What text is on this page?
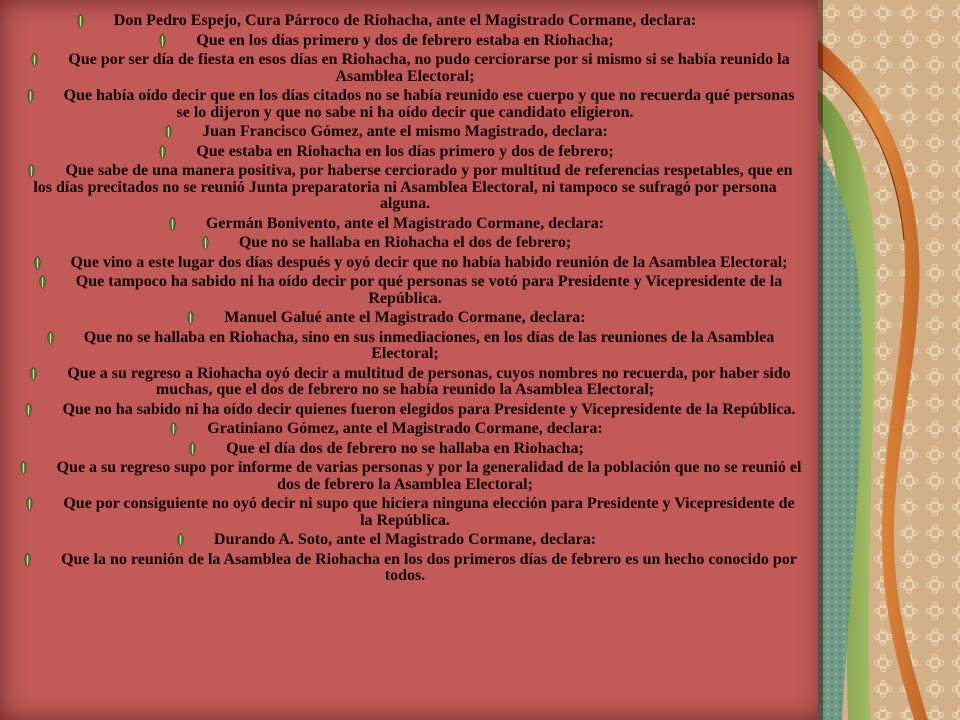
Don Pedro Espejo, Cura Párroco de Riohacha, ante el Magistrado Cormane, declara:
Que en los días primero y dos de febrero estaba en Riohacha;
Que por ser día de fiesta en esos días en Riohacha, no pudo cerciorarse por si mismo si se había reunido la Asamblea Electoral;
Que había oído decir que en los días citados no se había reunido ese cuerpo y que no recuerda qué personas se lo dijeron y que no sabe ni ha oído decir que candidato eligieron.
Juan Francisco Gómez, ante el mismo Magistrado, declara:
Que estaba en Riohacha en los días primero y dos de febrero;
Que sabe de una manera positiva, por haberse cerciorado y por multitud de referencias respetables, que en los días precitados no se reunió Junta preparatoria ni Asamblea Electoral, ni tampoco se sufragó por persona alguna.
Germán Bonivento, ante el Magistrado Cormane, declara:
Que no se hallaba en Riohacha el dos de febrero;
Que vino a este lugar dos días después y oyó decir que no había habido reunión de la Asamblea Electoral;
Que tampoco ha sabido ni ha oído decir por qué personas se votó para Presidente y Vicepresidente de la República.
Manuel Galué ante el Magistrado Cormane, declara:
Que no se hallaba en Riohacha, sino en sus inmediaciones, en los días de las reuniones de la Asamblea Electoral;
Que a su regreso a Riohacha oyó decir a multitud de personas, cuyos nombres no recuerda, por haber sido muchas, que el dos de febrero no se había reunido la Asamblea Electoral;
Que no ha sabido ni ha oído decir quienes fueron elegidos para Presidente y Vicepresidente de la República.
Gratiniano Gómez, ante el Magistrado Cormane, declara:
Que el día dos de febrero no se hallaba en Riohacha;
Que a su regreso supo por informe de varias personas y por la generalidad de la población que no se reunió el dos de febrero la Asamblea Electoral;
Que por consiguiente no oyó decir ni supo que hiciera ninguna elección para Presidente y Vicepresidente de la República.
Durando A. Soto, ante el Magistrado Cormane, declara:
Que la no reunión de la Asamblea de Riohacha en los dos primeros días de febrero es un hecho conocido por todos.
